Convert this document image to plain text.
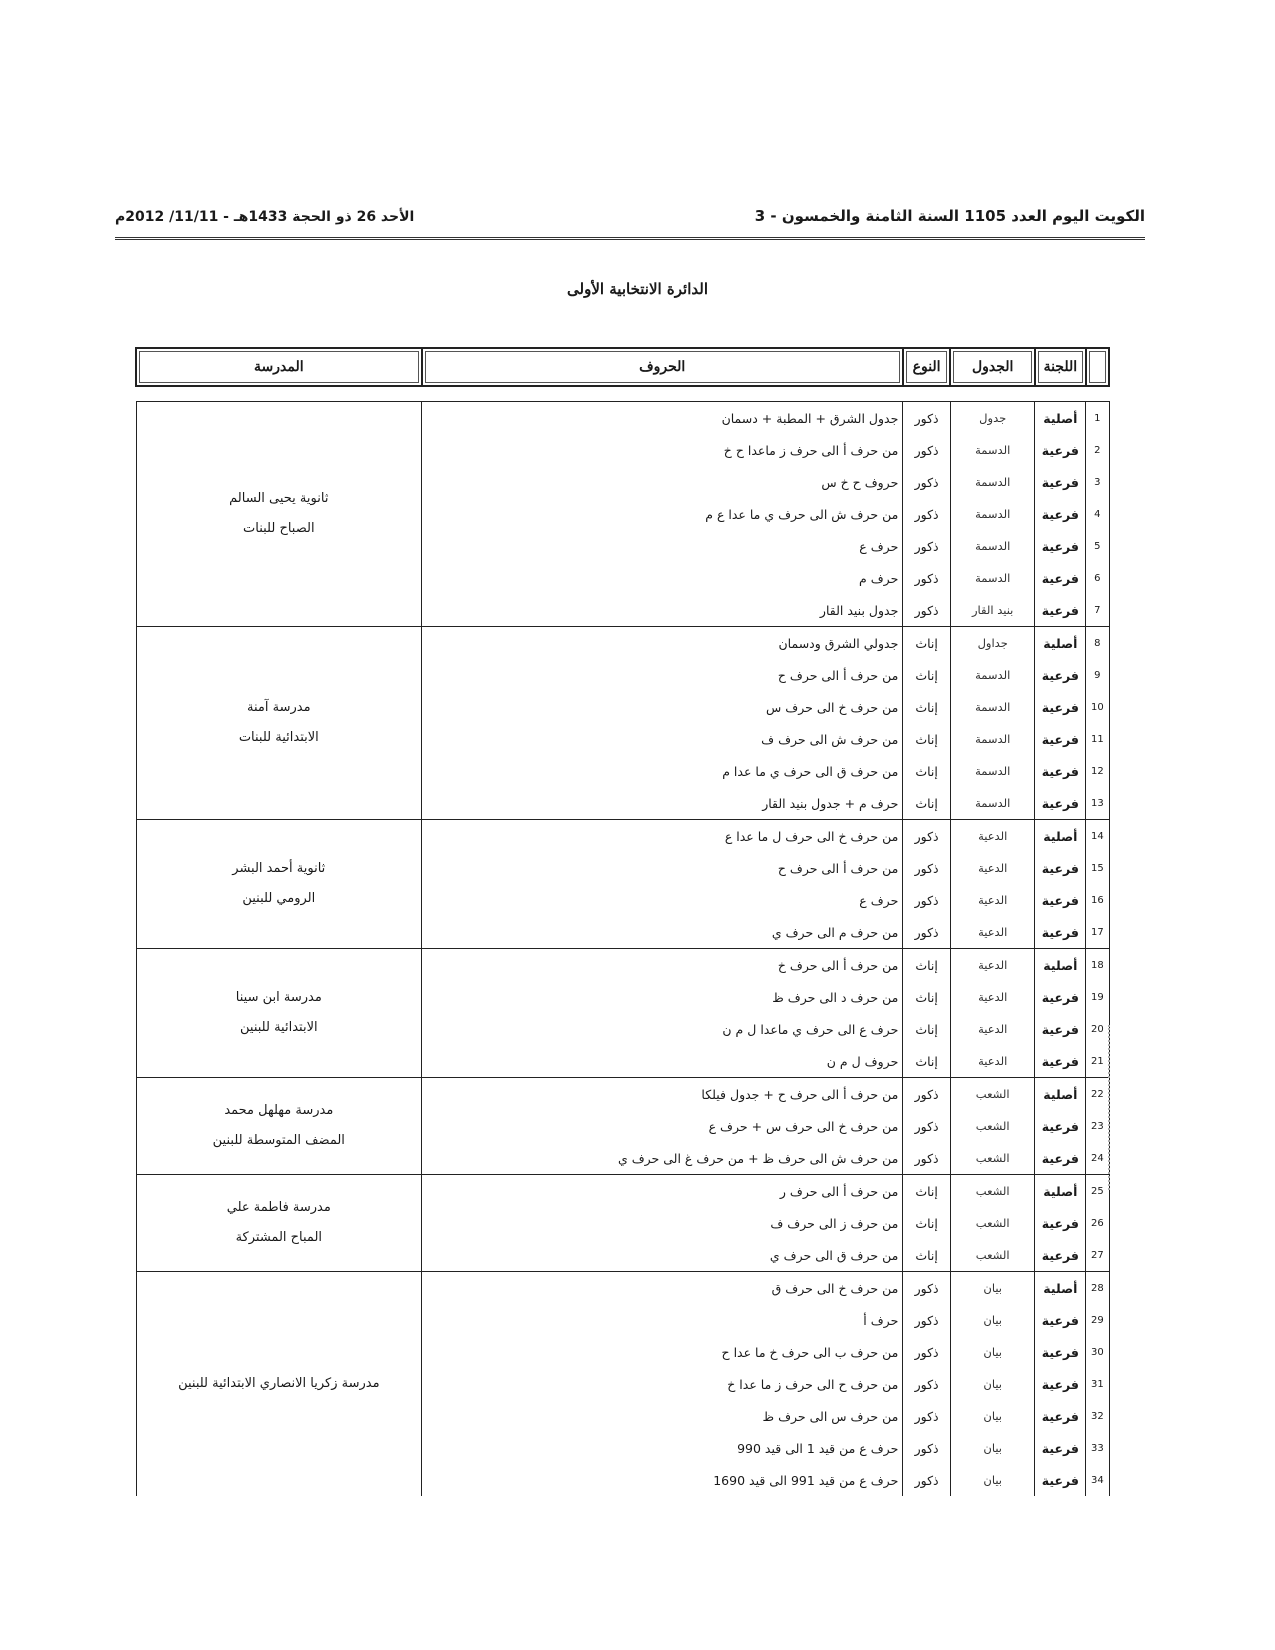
الكويت اليوم العدد 1105 السنة الثامنة والخمسون - 3
الأحد 26 ذو الحجة 1433هـ - 11/11/ 2012م
الدائرة الانتخابية الأولى
	اللجنة	الجدول	النوع	الحروف	المدرسة

1	أصلية	جدول	ذكور	جدول الشرق + المطبة + دسمان	ثانوية يحيى السالم
الصباح للبنات

2	فرعية	الدسمة	ذكور	من حرف أ الى حرف ز ماعدا ح خ	
3	فرعية	الدسمة	ذكور	حروف ح خ س	
4	فرعية	الدسمة	ذكور	من حرف ش الى حرف ي ما عدا ع م	
5	فرعية	الدسمة	ذكور	حرف ع	
6	فرعية	الدسمة	ذكور	حرف م	
7	فرعية	بنيد القار	ذكور	جدول بنيد القار	
8	أصلية	جداول	إناث	جدولي الشرق ودسمان	مدرسة آمنة
الابتدائية للبنات

9	فرعية	الدسمة	إناث	من حرف أ الى حرف ح	
10	فرعية	الدسمة	إناث	من حرف خ الى حرف س	
11	فرعية	الدسمة	إناث	من حرف ش الى حرف ف	
12	فرعية	الدسمة	إناث	من حرف ق الى حرف ي ما عدا م	
13	فرعية	الدسمة	إناث	حرف م + جدول بنيد القار	
14	أصلية	الدعية	ذكور	من حرف خ الى حرف ل ما عدا ع	ثانوية أحمد البشر
الرومي للبنين

15	فرعية	الدعية	ذكور	من حرف أ الى حرف ح	
16	فرعية	الدعية	ذكور	حرف ع	
17	فرعية	الدعية	ذكور	من حرف م الى حرف ي	
18	أصلية	الدعية	إناث	من حرف أ الى حرف خ	مدرسة ابن سينا
الابتدائية للبنين

19	فرعية	الدعية	إناث	من حرف د الى حرف ظ	
20	فرعية	الدعية	إناث	حرف ع الى حرف ي ماعدا ل م ن	
21	فرعية	الدعية	إناث	حروف ل م ن	
22	أصلية	الشعب	ذكور	من حرف أ الى حرف ح + جدول فيلكا	مدرسة مهلهل محمد
المضف المتوسطة للبنين

23	فرعية	الشعب	ذكور	من حرف خ الى حرف س + حرف ع	
24	فرعية	الشعب	ذكور	من حرف ش الى حرف ظ + من حرف غ الى حرف ي	
25	أصلية	الشعب	إناث	من حرف أ الى حرف ر	مدرسة فاطمة علي
المباح المشتركة

26	فرعية	الشعب	إناث	من حرف ز الى حرف ف	
27	فرعية	الشعب	إناث	من حرف ق الى حرف ي	
28	أصلية	بيان	ذكور	من حرف خ الى حرف ق	مدرسة زكريا الانصاري الابتدائية للبنين

29	فرعية	بيان	ذكور	حرف أ	
30	فرعية	بيان	ذكور	من حرف ب الى حرف خ ما عدا ح	
31	فرعية	بيان	ذكور	من حرف ح الى حرف ز ما عدا خ	
32	فرعية	بيان	ذكور	من حرف س الى حرف ظ	
33	فرعية	بيان	ذكور	حرف ع من قيد 1 الى قيد 990	
34	فرعية	بيان	ذكور	حرف ع من قيد 991 الى قيد 1690	
